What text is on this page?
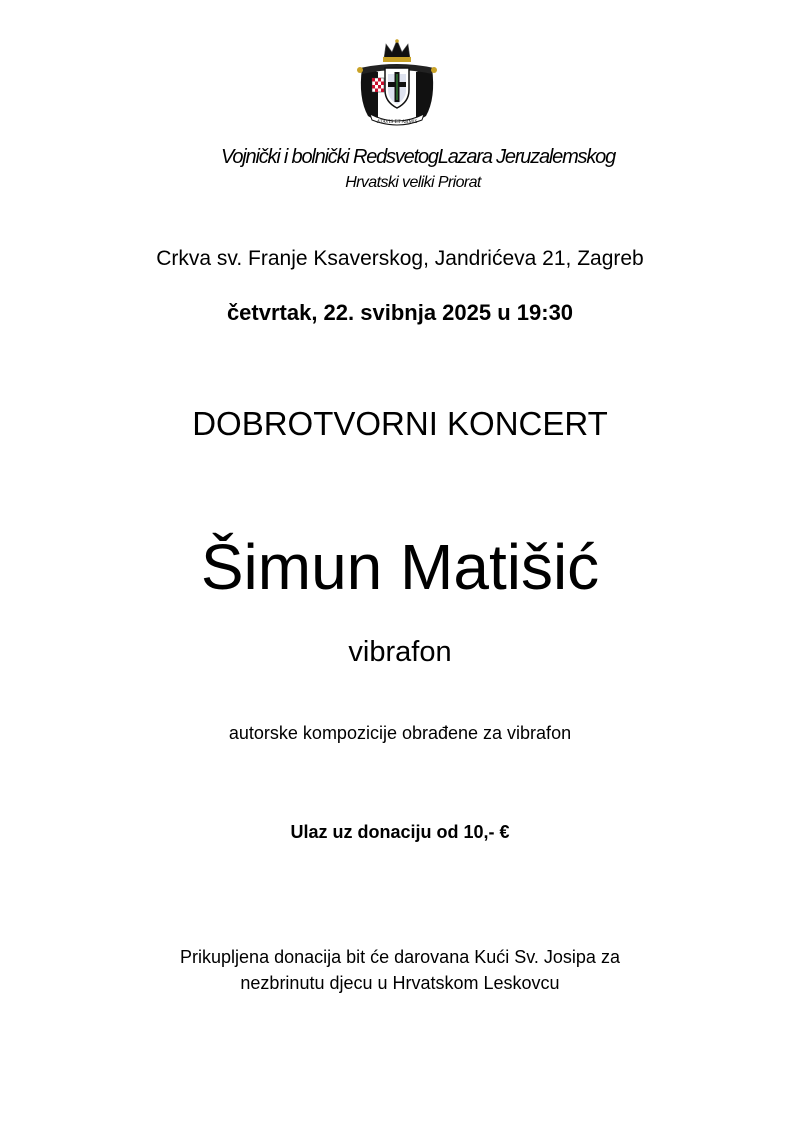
ATAVIS ET ARMIS
Vojnički i bolnički RedsvetogLazara Jeruzalemskog
Hrvatski veliki Priorat
Crkva sv. Franje Ksaverskog, Jandrićeva 21, Zagreb
četvrtak, 22. svibnja 2025 u 19:30
DOBROTVORNI KONCERT
Šimun Matišić
vibrafon
autorske kompozicije obrađene za vibrafon
Ulaz uz donaciju od 10,- €
Prikupljena donacija bit će darovana Kući Sv. Josipa za
nezbrinutu djecu u Hrvatskom Leskovcu
